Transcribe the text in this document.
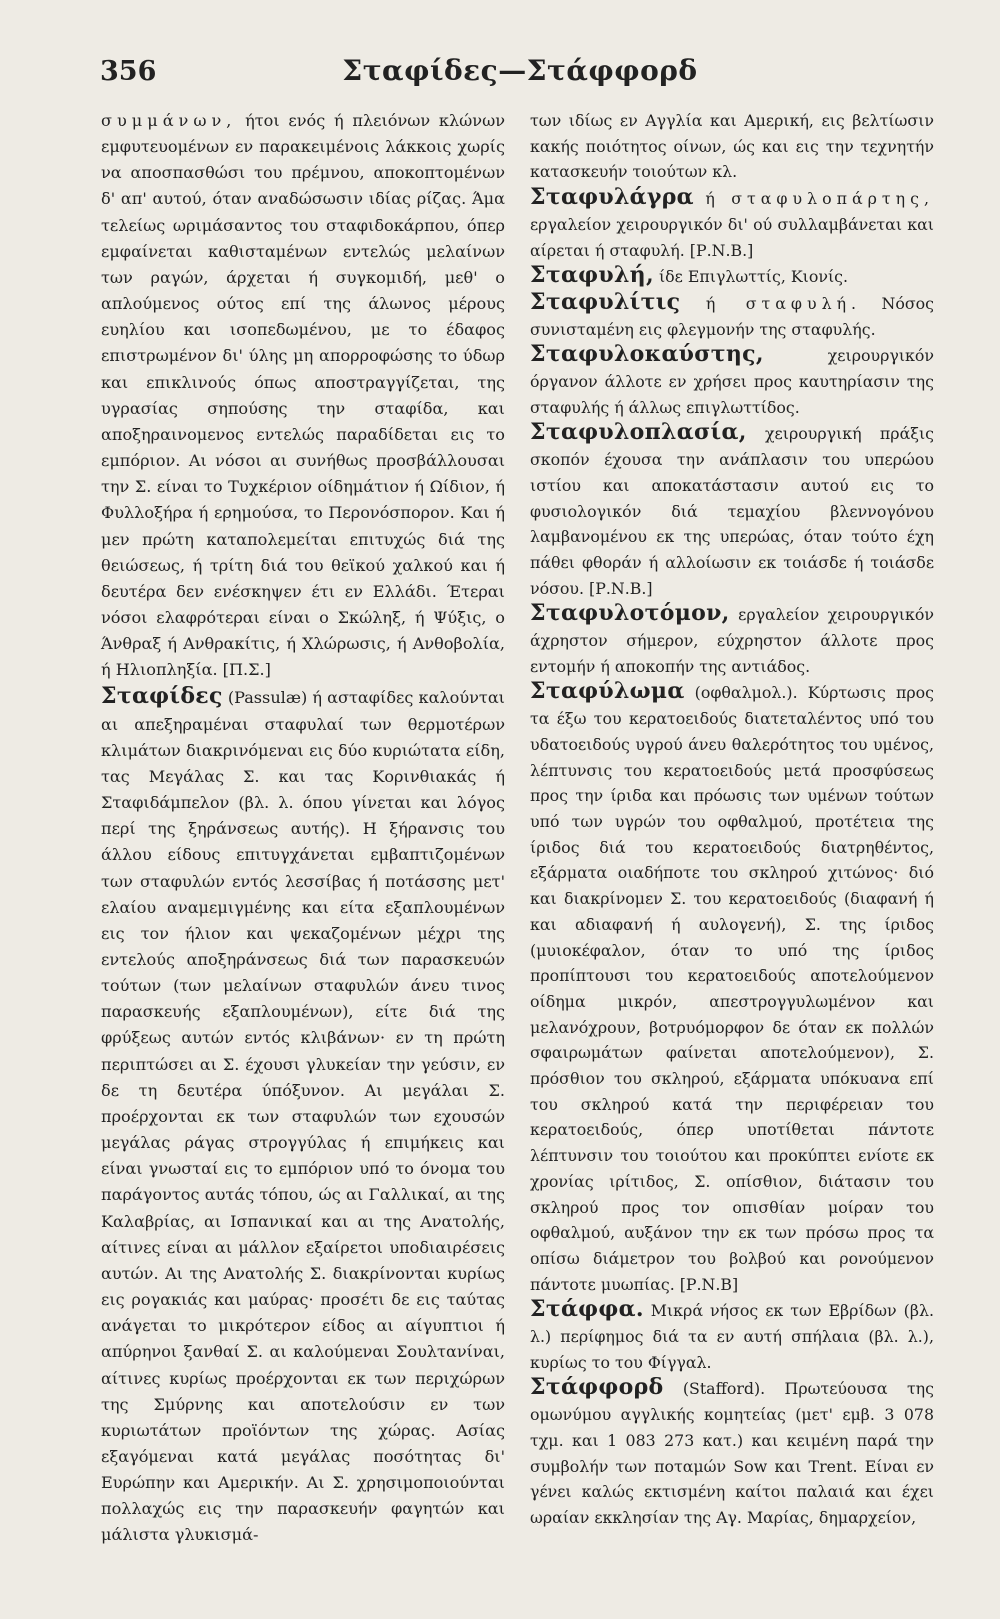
356	Σταφίδες—Στάφφορδ

συμμάνων, ήτοι ενός ή πλειόνων κλώνων εμφυτευομένων εν παρακειμένοις λάκκοις χωρίς να αποσπασθώσι του πρέμνου, αποκοπτομένων δ' απ' αυτού, όταν αναδώσωσιν ιδίας ρίζας. Άμα τελείως ωριμάσαντος του σταφιδοκάρπου, όπερ εμφαίνεται καθισταμένων εντελώς μελαίνων των ραγών, άρχεται ή συγκομιδή, μεθ' ο απλούμενος ούτος επί της άλωνος μέρους ευηλίου και ισοπεδωμένου, με το έδαφος επιστρωμένον δι' ύλης μη απορροφώσης το ύδωρ και επικλινούς όπως αποστραγγίζεται, της υγρασίας σηπούσης την σταφίδα, και αποξηραινομενος εντελώς παραδίδεται εις το εμπόριον. Αι νόσοι αι συνήθως προσβάλλουσαι την Σ. είναι το Τυχκέριον οίδημάτιον ή Ωίδιον, ή Φυλλοξήρα ή ερημούσα, το Περονόσπορον. Και ή μεν πρώτη καταπολεμείται επιτυχώς διά της θειώσεως, ή τρίτη διά του θεϊκού χαλκού και ή δευτέρα δεν ενέσκηψεν έτι εν Ελλάδι. Έτεραι νόσοι ελαφρότεραι είναι ο Σκώληξ, ή Ψύξις, ο Άνθραξ ή Ανθρακίτις, ή Χλώρωσις, ή Ανθοβολία, ή Ηλιοπληξία. [Π.Σ.]

Σταφίδες (Passulæ) ή ασταφίδες καλούνται αι απεξηραμέναι σταφυλαί των θερμοτέρων κλιμάτων διακρινόμεναι εις δύο κυριώτατα είδη, τας Μεγάλας Σ. και τας Κορινθιακάς ή Σταφιδάμπελον (βλ. λ. όπου γίνεται και λόγος περί της ξηράνσεως αυτής). Η ξήρανσις του άλλου είδους επιτυγχάνεται εμβαπτιζομένων των σταφυλών εντός λεσσίβας ή ποτάσσης μετ' ελαίου αναμεμιγμένης και είτα εξαπλουμένων εις τον ήλιον και ψεκαζομένων μέχρι της εντελούς αποξηράνσεως διά των παρασκευών τούτων (των μελαίνων σταφυλών άνευ τινος παρασκευής εξαπλουμένων), είτε διά της φρύξεως αυτών εντός κλιβάνων· εν τη πρώτη περιπτώσει αι Σ. έχουσι γλυκείαν την γεύσιν, εν δε τη δευτέρα ύπόξυνον. Αι μεγάλαι Σ. προέρχονται εκ των σταφυλών των εχουσών μεγάλας ράγας στρογγύλας ή επιμήκεις και είναι γνωσταί εις το εμπόριον υπό το όνομα του παράγοντος αυτάς τόπου, ώς αι Γαλλικαί, αι της Καλαβρίας, αι Ισπανικαί και αι της Ανατολής, αίτινες είναι αι μάλλον εξαίρετοι υποδιαιρέσεις αυτών. Αι της Ανατολής Σ. διακρίνονται κυρίως εις ρογακιάς και μαύρας· προσέτι δε εις ταύτας ανάγεται το μικρότερον είδος αι αίγυπτιοι ή απύρηνοι ξανθαί Σ. αι καλούμεναι Σουλτανίναι, αίτινες κυρίως προέρχονται εκ των περιχώρων της Σμύρνης και αποτελούσιν εν των κυριωτάτων προϊόντων της χώρας. Ασίας εξαγόμεναι κατά μεγάλας ποσότητας δι' Ευρώπην και Αμερικήν. Αι Σ. χρησιμοποιούνται πολλαχώς εις την παρασκευήν φαγητών και μάλιστα γλυκισμά-

των ιδίως εν Αγγλία και Αμερική, εις βελτίωσιν κακής ποιότητος οίνων, ώς και εις την τεχνητήν κατασκευήν τοιούτων κλ.

Σταφυλάγρα ή σταφυλοπάρτης, εργαλείον χειρουργικόν δι' ού συλλαμβάνεται και αίρεται ή σταφυλή. [Ρ.Ν.Β.]

Σταφυλή, ίδε Επιγλωττίς, Κιονίς.

Σταφυλίτις ή σταφυλή. Νόσος συνισταμένη εις φλεγμονήν της σταφυλής.

Σταφυλοκαύστης, χειρουργικόν όργανον άλλοτε εν χρήσει προς καυτηρίασιν της σταφυλής ή άλλως επιγλωττίδος.

Σταφυλοπλασία, χειρουργική πράξις σκοπόν έχουσα την ανάπλασιν του υπερώου ιστίου και αποκατάστασιν αυτού εις το φυσιολογικόν διά τεμαχίου βλεννογόνου λαμβανομένου εκ της υπερώας, όταν τούτο έχη πάθει φθοράν ή αλλοίωσιν εκ τοιάσδε ή τοιάσδε νόσου. [Ρ.Ν.Β.]

Σταφυλοτόμον, εργαλείον χειρουργικόν άχρηστον σήμερον, εύχρηστον άλλοτε προς εντομήν ή αποκοπήν της αντιάδος.

Σταφύλωμα (οφθαλμολ.). Κύρτωσις προς τα έξω του κερατοειδούς διατεταλέντος υπό του υδατοειδούς υγρού άνευ θαλερότητος του υμένος, λέπτυνσις του κερατοειδούς μετά προσφύσεως προς την ίριδα και πρόωσις των υμένων τούτων υπό των υγρών του οφθαλμού, προτέτεια της ίριδος διά του κερατοειδούς διατρηθέντος, εξάρματα οιαδήποτε του σκληρού χιτώνος· διό και διακρίνομεν Σ. του κερατοειδούς (διαφανή ή και αδιαφανή ή αυλογενή), Σ. της ίριδος (μυιοκέφαλον, όταν το υπό της ίριδος προπίπτουσι του κερατοειδούς αποτελούμενον οίδημα μικρόν, απεστρογγυλωμένον και μελανόχρουν, βοτρυόμορφον δε όταν εκ πολλών σφαιρωμάτων φαίνεται αποτελούμενον), Σ. πρόσθιον του σκληρού, εξάρματα υπόκυανα επί του σκληρού κατά την περιφέρειαν του κερατοειδούς, όπερ υποτίθεται πάντοτε λέπτυνσιν του τοιούτου και προκύπτει ενίοτε εκ χρονίας ιρίτιδος, Σ. οπίσθιον, διάτασιν του σκληρού προς τον οπισθίαν μοίραν του οφθαλμού, αυξάνον την εκ των πρόσω προς τα οπίσω διάμετρον του βολβού και ρονούμενον πάντοτε μυωπίας. [Ρ.Ν.Β]

Στάφφα. Μικρά νήσος εκ των Εβρίδων (βλ. λ.) περίφημος διά τα εν αυτή σπήλαια (βλ. λ.), κυρίως το του Φίγγαλ.

Στάφφορδ (Stafford). Πρωτεύουσα της ομωνύμου αγγλικής κομητείας (μετ' εμβ. 3 078 τχμ. και 1 083 273 κατ.) και κειμένη παρά την συμβολήν των ποταμών Sow και Trent. Είναι εν γένει καλώς εκτισμένη καίτοι παλαιά και έχει ωραίαν εκκλησίαν της Αγ. Μαρίας, δημαρχείον,
